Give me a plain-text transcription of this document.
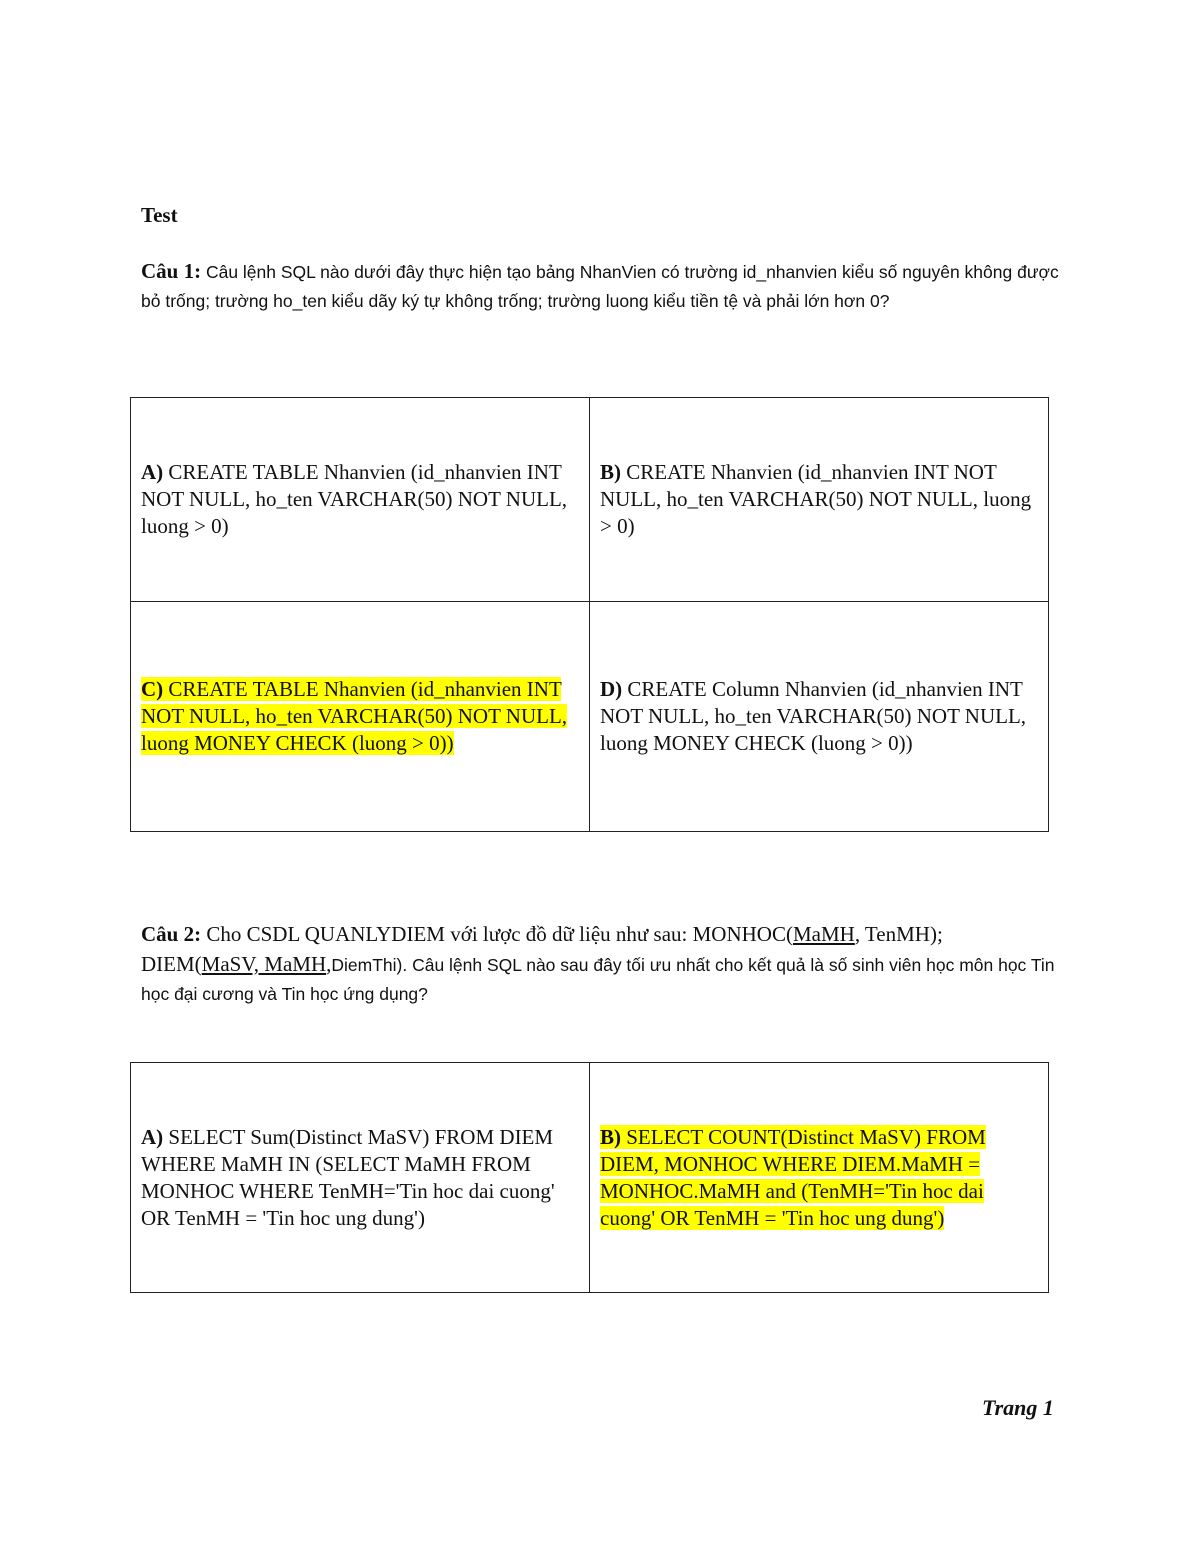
Test
Câu 1: Câu lệnh SQL nào dưới đây thực hiện tạo bảng NhanVien có trường id_nhanvien kiểu số nguyên không được bỏ trống; trường ho_ten kiểu dãy ký tự không trống; trường luong kiểu tiền tệ và phải lớn hơn 0?
A) CREATE TABLE Nhanvien (id_nhanvien INT NOT NULL, ho_ten VARCHAR(50) NOT NULL, luong > 0)	B) CREATE Nhanvien (id_nhanvien INT NOT NULL, ho_ten VARCHAR(50) NOT NULL, luong > 0)
C) CREATE TABLE Nhanvien (id_nhanvien INT NOT NULL, ho_ten VARCHAR(50) NOT NULL, luong MONEY CHECK (luong > 0))	D) CREATE Column Nhanvien (id_nhanvien INT NOT NULL, ho_ten VARCHAR(50) NOT NULL, luong MONEY CHECK (luong > 0))
Câu 2: Cho CSDL QUANLYDIEM với lược đồ dữ liệu như sau: MONHOC(MaMH, TenMH); DIEM(MaSV, MaMH,DiemThi). Câu lệnh SQL nào sau đây tối ưu nhất cho kết quả là số sinh viên học môn học Tin học đại cương và Tin học ứng dụng?
A) SELECT Sum(Distinct MaSV) FROM DIEM WHERE MaMH IN (SELECT MaMH FROM MONHOC WHERE TenMH='Tin hoc dai cuong' OR TenMH = 'Tin hoc ung dung')	B) SELECT COUNT(Distinct MaSV) FROM DIEM, MONHOC WHERE DIEM.MaMH = MONHOC.MaMH and (TenMH='Tin hoc dai cuong' OR TenMH = 'Tin hoc ung dung')
Trang 1
